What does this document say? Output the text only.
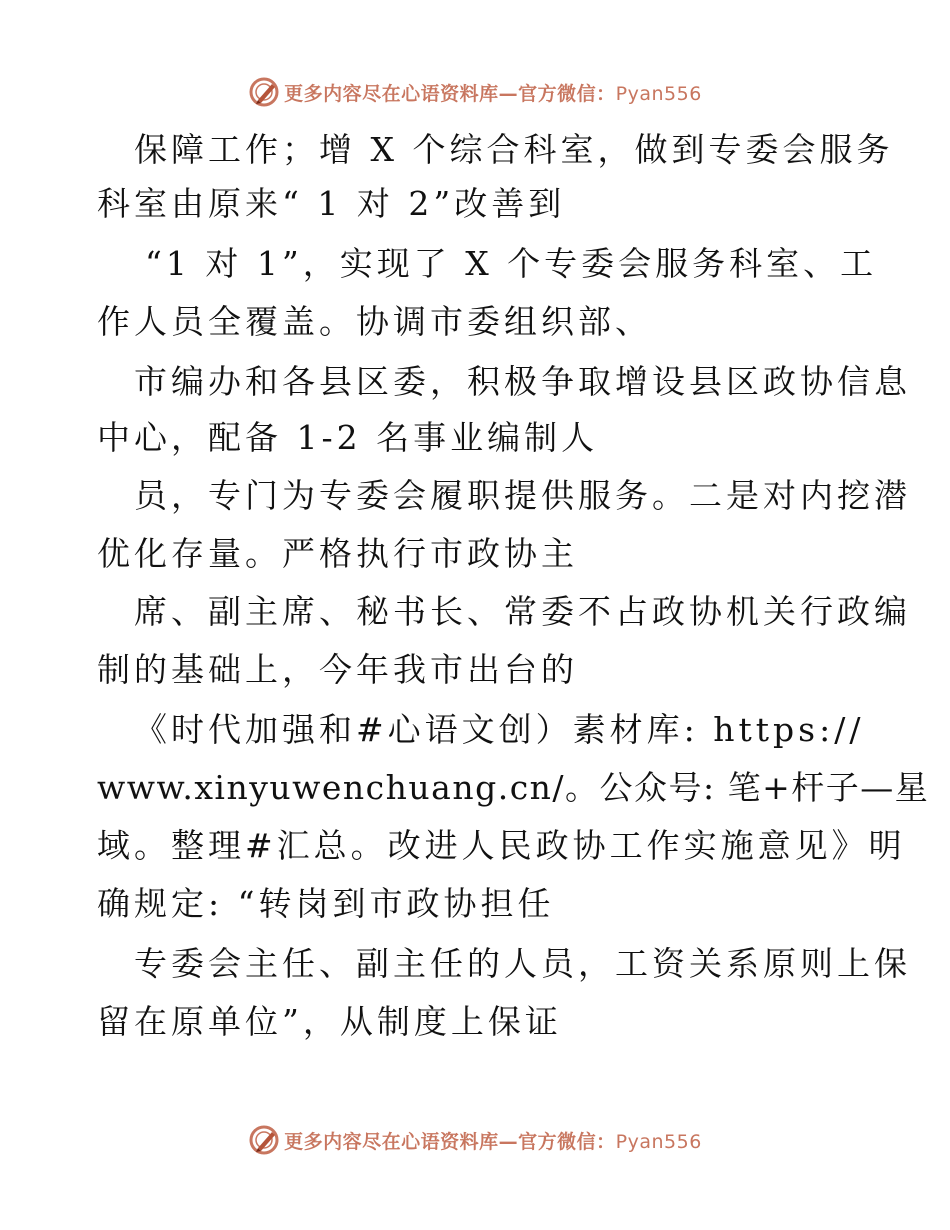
更多内容尽在心语资料库—官方微信：Pyan556
保障工作；增 X 个综合科室，做到专委会服务
科室由原来“ 1 对 2”改善到
“1 对 1”，实现了 X 个专委会服务科室、工
作人员全覆盖。协调市委组织部、
市编办和各县区委，积极争取增设县区政协信息
中心，配备 1-2 名事业编制人
员，专门为专委会履职提供服务。二是对内挖潜
优化存量。严格执行市政协主
席、副主席、秘书长、常委不占政协机关行政编
制的基础上，今年我市出台的
《时代加强和#心语文创）素材库: https://
www.xinyuwenchuang.cn/。公众号: 笔+杆子—星
域。整理#汇总。改进人民政协工作实施意见》明
确规定: “转岗到市政协担任
专委会主任、副主任的人员，工资关系原则上保
留在原单位”，从制度上保证
更多内容尽在心语资料库—官方微信：Pyan556
